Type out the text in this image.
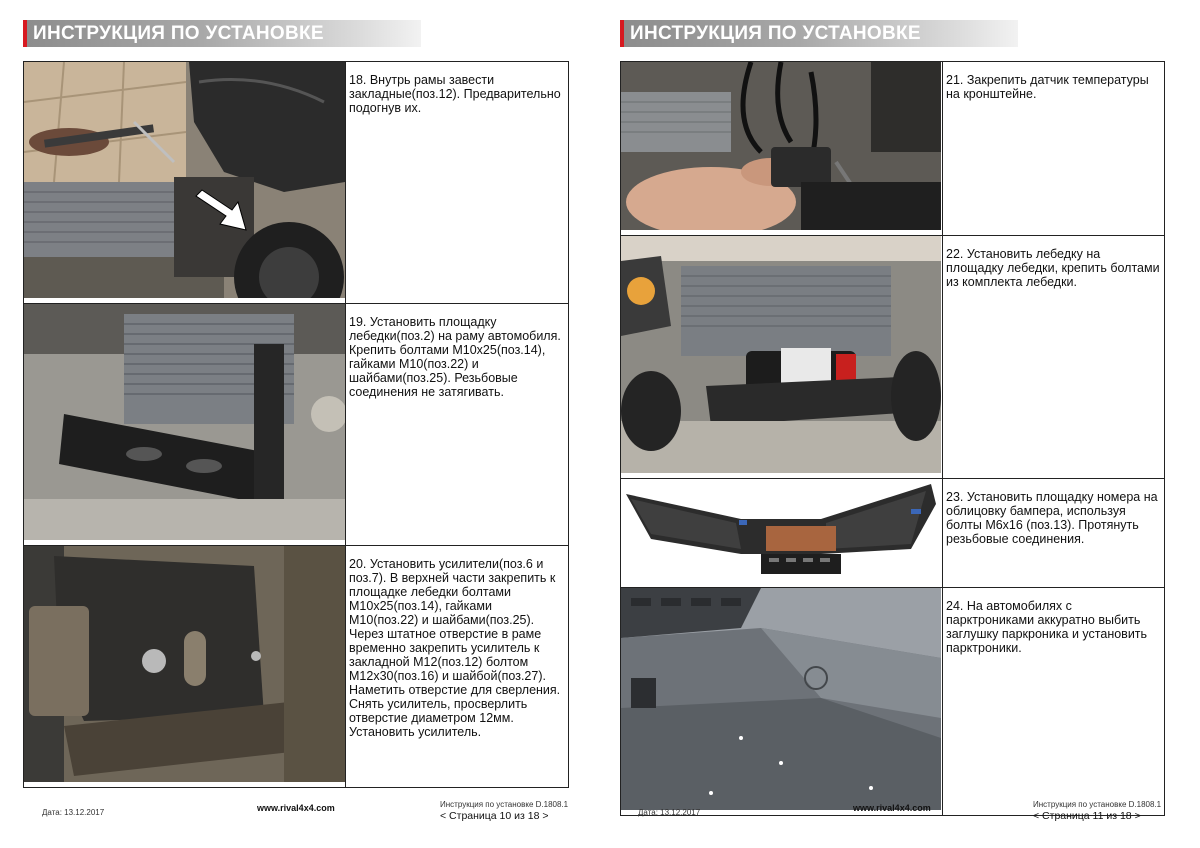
ИНСТРУКЦИЯ ПО УСТАНОВКЕ
	18. Внутрь рамы завести закладные(поз.12). Предварительно подогнув их.
	19. Установить площадку лебедки(поз.2) на раму автомобиля. Крепить болтами М10х25(поз.14), гайками М10(поз.22) и шайбами(поз.25). Резьбовые соединения не затягивать.
	20. Установить усилители(поз.6 и поз.7). В верхней части закрепить к площадке лебедки болтами М10х25(поз.14), гайками М10(поз.22) и шайбами(поз.25). Через штатное отверстие в раме временно закрепить усилитель к закладной М12(поз.12) болтом М12х30(поз.16) и шайбой(поз.27). Наметить отверстие для сверления. Снять усилитель, просверлить отверстие диаметром 12мм. Установить усилитель.
Дата: 13.12.2017	www.rival4x4.com	Инструкция по установке D.1808.1
< Страница 10 из 18 >
ИНСТРУКЦИЯ ПО УСТАНОВКЕ
	21. Закрепить датчик температуры на кронштейне.
	22. Установить лебедку на площадку лебедки, крепить болтами из комплекта лебедки.
	23. Установить площадку номера на облицовку бампера, используя болты М6х16 (поз.13). Протянуть резьбовые соединения.
	24. На автомобилях с парктрониками аккуратно выбить заглушку паркроника и установить парктроники.
Дата: 13.12.2017	www.rival4x4.com	Инструкция по установке D.1808.1
< Страница 11 из 18 >
